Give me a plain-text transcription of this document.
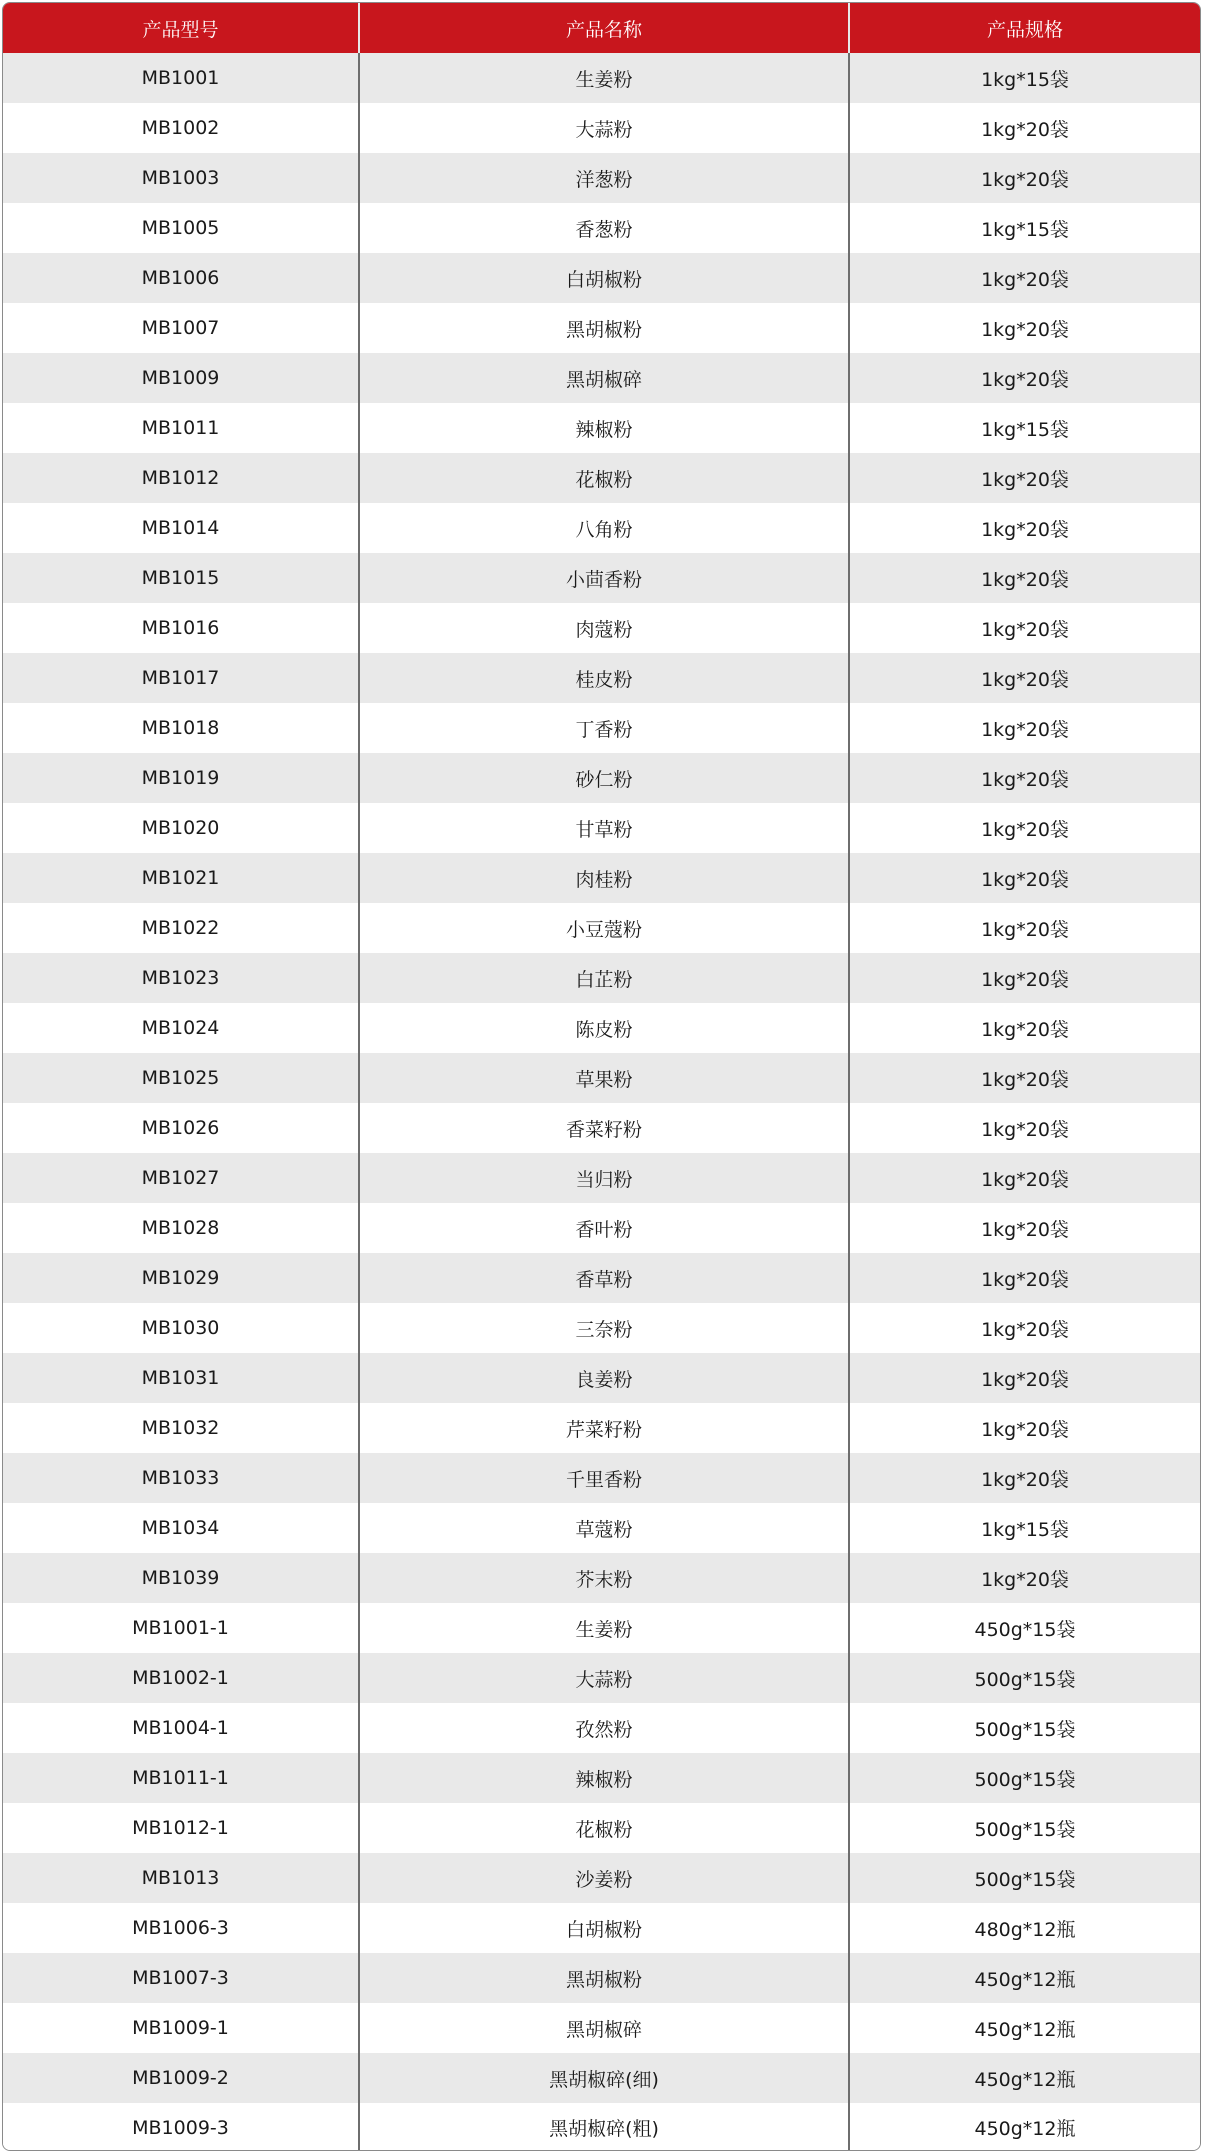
产品型号	产品名称	产品规格
MB1001	生姜粉	1kg*15袋
MB1002	大蒜粉	1kg*20袋
MB1003	洋葱粉	1kg*20袋
MB1005	香葱粉	1kg*15袋
MB1006	白胡椒粉	1kg*20袋
MB1007	黑胡椒粉	1kg*20袋
MB1009	黑胡椒碎	1kg*20袋
MB1011	辣椒粉	1kg*15袋
MB1012	花椒粉	1kg*20袋
MB1014	八角粉	1kg*20袋
MB1015	小茴香粉	1kg*20袋
MB1016	肉蔻粉	1kg*20袋
MB1017	桂皮粉	1kg*20袋
MB1018	丁香粉	1kg*20袋
MB1019	砂仁粉	1kg*20袋
MB1020	甘草粉	1kg*20袋
MB1021	肉桂粉	1kg*20袋
MB1022	小豆蔻粉	1kg*20袋
MB1023	白芷粉	1kg*20袋
MB1024	陈皮粉	1kg*20袋
MB1025	草果粉	1kg*20袋
MB1026	香菜籽粉	1kg*20袋
MB1027	当归粉	1kg*20袋
MB1028	香叶粉	1kg*20袋
MB1029	香草粉	1kg*20袋
MB1030	三奈粉	1kg*20袋
MB1031	良姜粉	1kg*20袋
MB1032	芹菜籽粉	1kg*20袋
MB1033	千里香粉	1kg*20袋
MB1034	草蔻粉	1kg*15袋
MB1039	芥末粉	1kg*20袋
MB1001-1	生姜粉	450g*15袋
MB1002-1	大蒜粉	500g*15袋
MB1004-1	孜然粉	500g*15袋
MB1011-1	辣椒粉	500g*15袋
MB1012-1	花椒粉	500g*15袋
MB1013	沙姜粉	500g*15袋
MB1006-3	白胡椒粉	480g*12瓶
MB1007-3	黑胡椒粉	450g*12瓶
MB1009-1	黑胡椒碎	450g*12瓶
MB1009-2	黑胡椒碎(细)	450g*12瓶
MB1009-3	黑胡椒碎(粗)	450g*12瓶
